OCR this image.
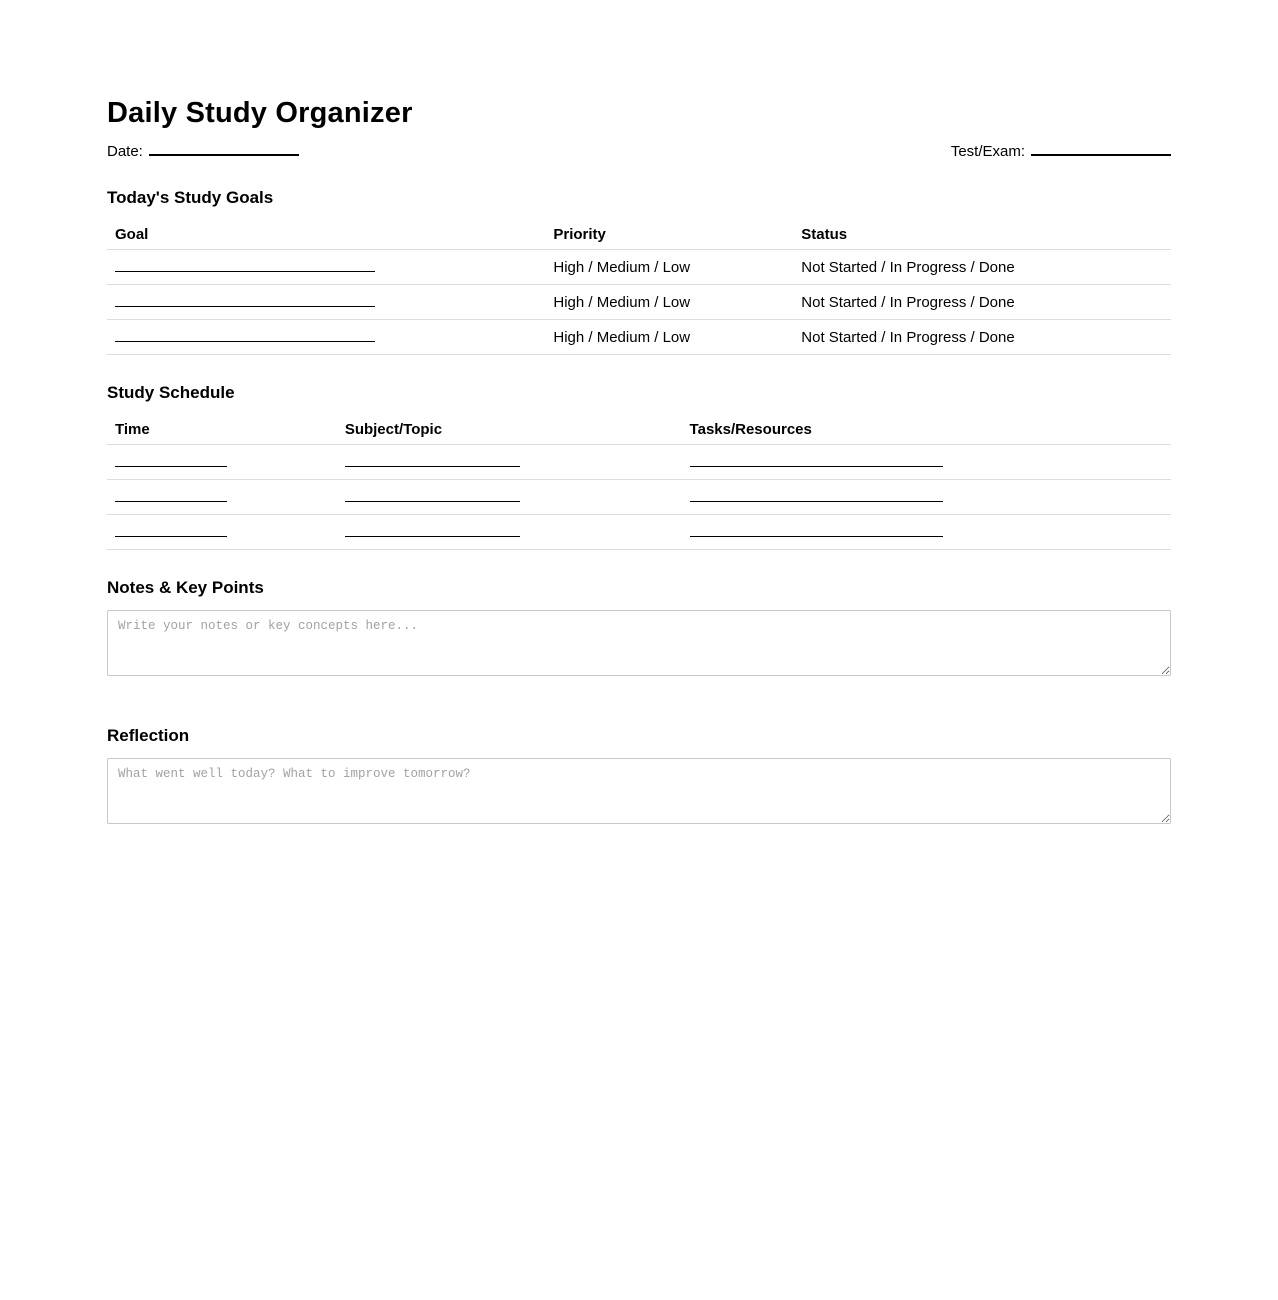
Daily Study Organizer
Date:	Test/Exam:
Today's Study Goals
Goal	Priority	Status
	High / Medium / Low	Not Started / In Progress / Done
	High / Medium / Low	Not Started / In Progress / Done
	High / Medium / Low	Not Started / In Progress / Done
Study Schedule
Time	Subject/Topic	Tasks/Resources

Notes & Key Points
Write your notes or key concepts here...
Reflection
What went well today? What to improve tomorrow?
